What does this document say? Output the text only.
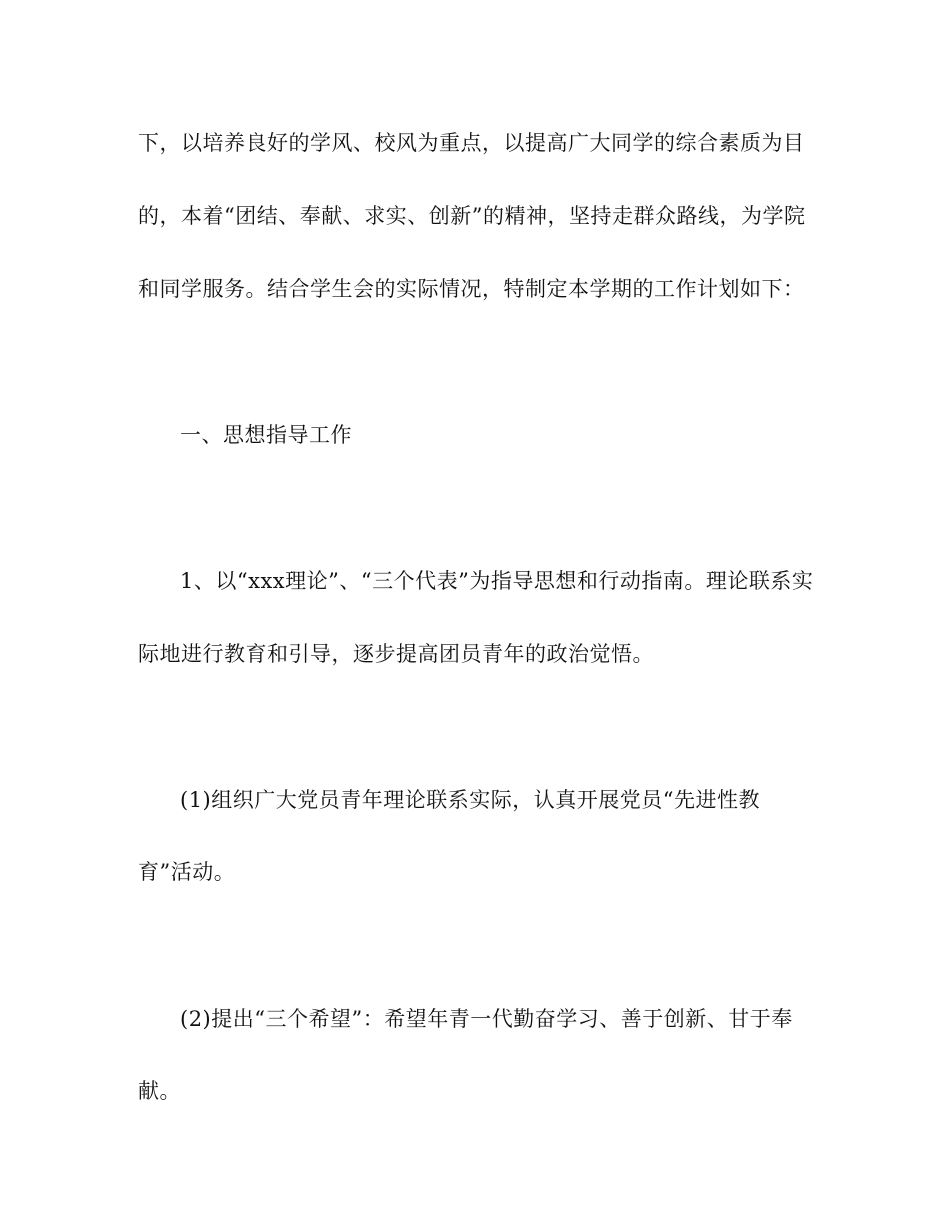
下，以培养良好的学风、校风为重点，以提高广大同学的综合素质为目
的，本着“团结、奉献、求实、创新”的精神，坚持走群众路线，为学院
和同学服务。结合学生会的实际情况，特制定本学期的工作计划如下：
一、思想指导工作
1、以“xxx理论”、“三个代表”为指导思想和行动指南。理论联系实
际地进行教育和引导，逐步提高团员青年的政治觉悟。
(1)组织广大党员青年理论联系实际，认真开展党员“先进性教
育”活动。
(2)提出“三个希望”：希望年青一代勤奋学习、善于创新、甘于奉
献。
